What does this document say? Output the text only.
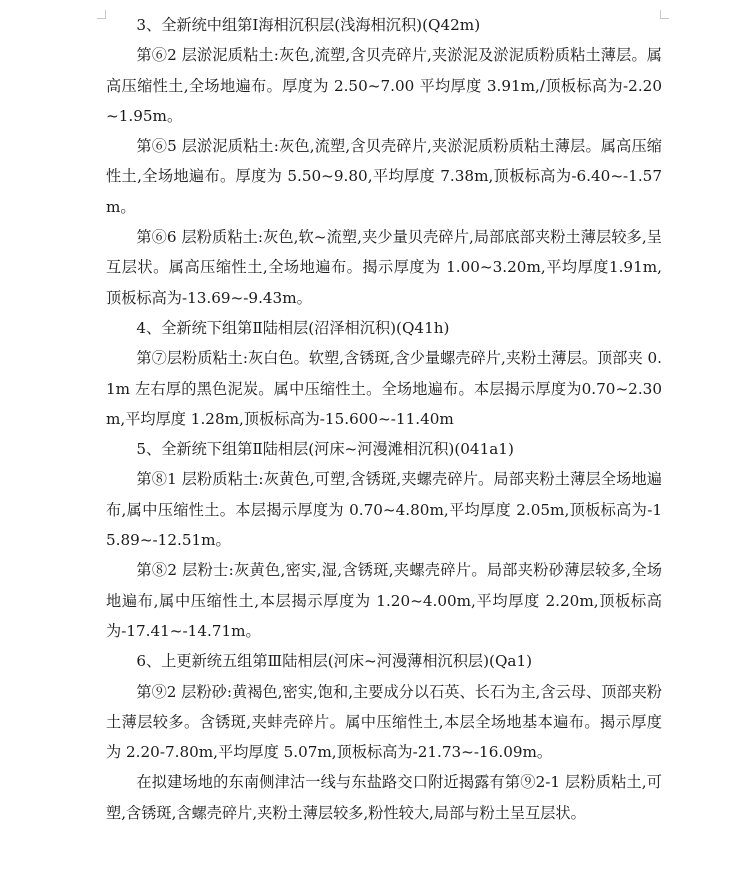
3、全新统中组第Ⅰ海相沉积层(浅海相沉积)(Q42m)

第⑥2 层淤泥质粘土:灰色,流塑,含贝壳碎片,夹淤泥及淤泥质粉质粘土薄层。属高压缩性土,全场地遍布。厚度为 2.50~7.00 平均厚度 3.91m,/顶板标高为-2.20~1.95m。

第⑥5 层淤泥质粘土:灰色,流塑,含贝壳碎片,夹淤泥质粉质粘土薄层。属高压缩性土,全场地遍布。厚度为 5.50~9.80,平均厚度 7.38m,顶板标高为-6.40~-1.57m。

第⑥6 层粉质粘土:灰色,软~流塑,夹少量贝壳碎片,局部底部夹粉土薄层较多,呈互层状。属高压缩性土,全场地遍布。揭示厚度为 1.00~3.20m,平均厚度1.91m,顶板标高为-13.69~-9.43m。

4、全新统下组第Ⅱ陆相层(沼泽相沉积)(Q41h)

第⑦层粉质粘土:灰白色。软塑,含锈斑,含少量螺壳碎片,夹粉土薄层。顶部夹 0.1m 左右厚的黑色泥炭。属中压缩性土。全场地遍布。本层揭示厚度为0.70~2.30m,平均厚度 1.28m,顶板标高为-15.600~-11.40m

5、全新统下组第Ⅱ陆相层(河床~河漫滩相沉积)(041a1)

第⑧1 层粉质粘土:灰黄色,可塑,含锈斑,夹螺壳碎片。局部夹粉土薄层全场地遍布,属中压缩性土。本层揭示厚度为 0.70~4.80m,平均厚度 2.05m,顶板标高为-15.89~-12.51m。

第⑧2 层粉士:灰黄色,密实,湿,含锈斑,夹螺壳碎片。局部夹粉砂薄层较多,全场地遍布,属中压缩性土,本层揭示厚度为 1.20~4.00m,平均厚度 2.20m,顶板标高为-17.41~-14.71m。

6、上更新统五组第Ⅲ陆相层(河床~河漫薄相沉积层)(Qa1)

第⑨2 层粉砂:黄褐色,密实,饱和,主要成分以石英、长石为主,含云母、顶部夹粉土薄层较多。含锈斑,夹蚌壳碎片。属中压缩性土,本层全场地基本遍布。揭示厚度为 2.20-7.80m,平均厚度 5.07m,顶板标高为-21.73~-16.09m。

在拟建场地的东南侧津沽一线与东盐路交口附近揭露有第⑨2-1 层粉质粘土,可塑,含锈斑,含螺壳碎片,夹粉土薄层较多,粉性较大,局部与粉土呈互层状。
